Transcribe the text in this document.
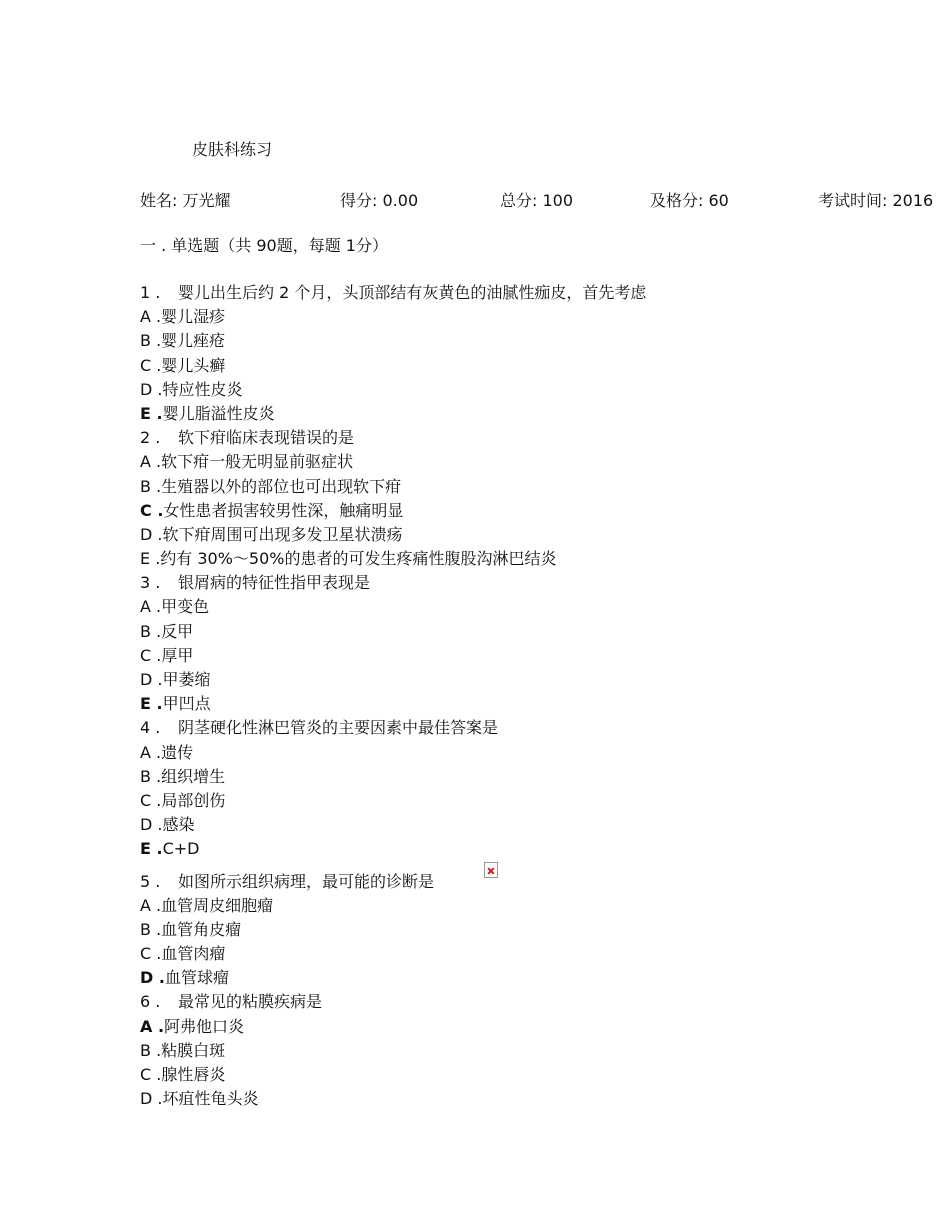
皮肤科练习
姓名: 万光耀	得分: 0.00	总分: 100	及格分: 60	考试时间: 2016
一 . 单选题（共 90题，每题 1分）
1 . 婴儿出生后约 2 个月，头顶部结有灰黄色的油腻性痂皮，首先考虑
A .婴儿湿疹
B .婴儿痤疮
C .婴儿头癣
D .特应性皮炎
E .婴儿脂溢性皮炎
2 . 软下疳临床表现错误的是
A .软下疳一般无明显前驱症状
B .生殖器以外的部位也可出现软下疳
C .女性患者损害较男性深，触痛明显
D .软下疳周围可出现多发卫星状溃疡
E .约有 30%～50%的患者的可发生疼痛性腹股沟淋巴结炎
3 . 银屑病的特征性指甲表现是
A .甲变色
B .反甲
C .厚甲
D .甲萎缩
E .甲凹点
4 . 阴茎硬化性淋巴管炎的主要因素中最佳答案是
A .遗传
B .组织增生
C .局部创伤
D .感染
E .C+D
5 . 如图所示组织病理，最可能的诊断是
A .血管周皮细胞瘤
B .血管角皮瘤
C .血管肉瘤
D .血管球瘤
6 . 最常见的粘膜疾病是
A .阿弗他口炎
B .粘膜白斑
C .腺性唇炎
D .坏疽性龟头炎
